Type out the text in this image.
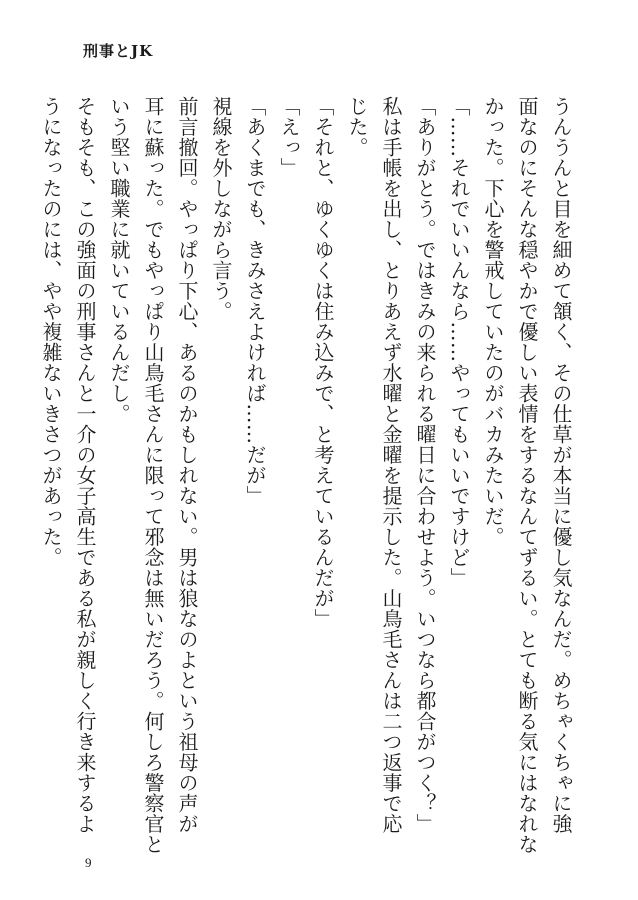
刑事とJK
うんうんと目を細めて頷く、その仕草が本当に優し気なんだ。めちゃくちゃに強
面なのにそんな穏やかで優しい表情をするなんてずるい。とても断る気にはなれな
かった。下心を警戒していたのがバカみたいだ。
「……それでいいんなら……やってもいいですけど」
「ありがとう。ではきみの来られる曜日に合わせよう。いつなら都合がつく？」
私は手帳を出し、とりあえず水曜と金曜を提示した。山鳥毛さんは二つ返事で応
じた。
「それと、ゆくゆくは住み込みで、と考えているんだが」
「えっ」
「あくまでも、きみさえよければ……だが」
視線を外しながら言う。
前言撤回。やっぱり下心、あるのかもしれない。男は狼なのよという祖母の声が
耳に蘇った。でもやっぱり山鳥毛さんに限って邪念は無いだろう。何しろ警察官と
いう堅い職業に就いているんだし。
そもそも、この強面の刑事さんと一介の女子高生である私が親しく行き来するよ
うになったのには、やや複雑ないきさつがあった。
9
